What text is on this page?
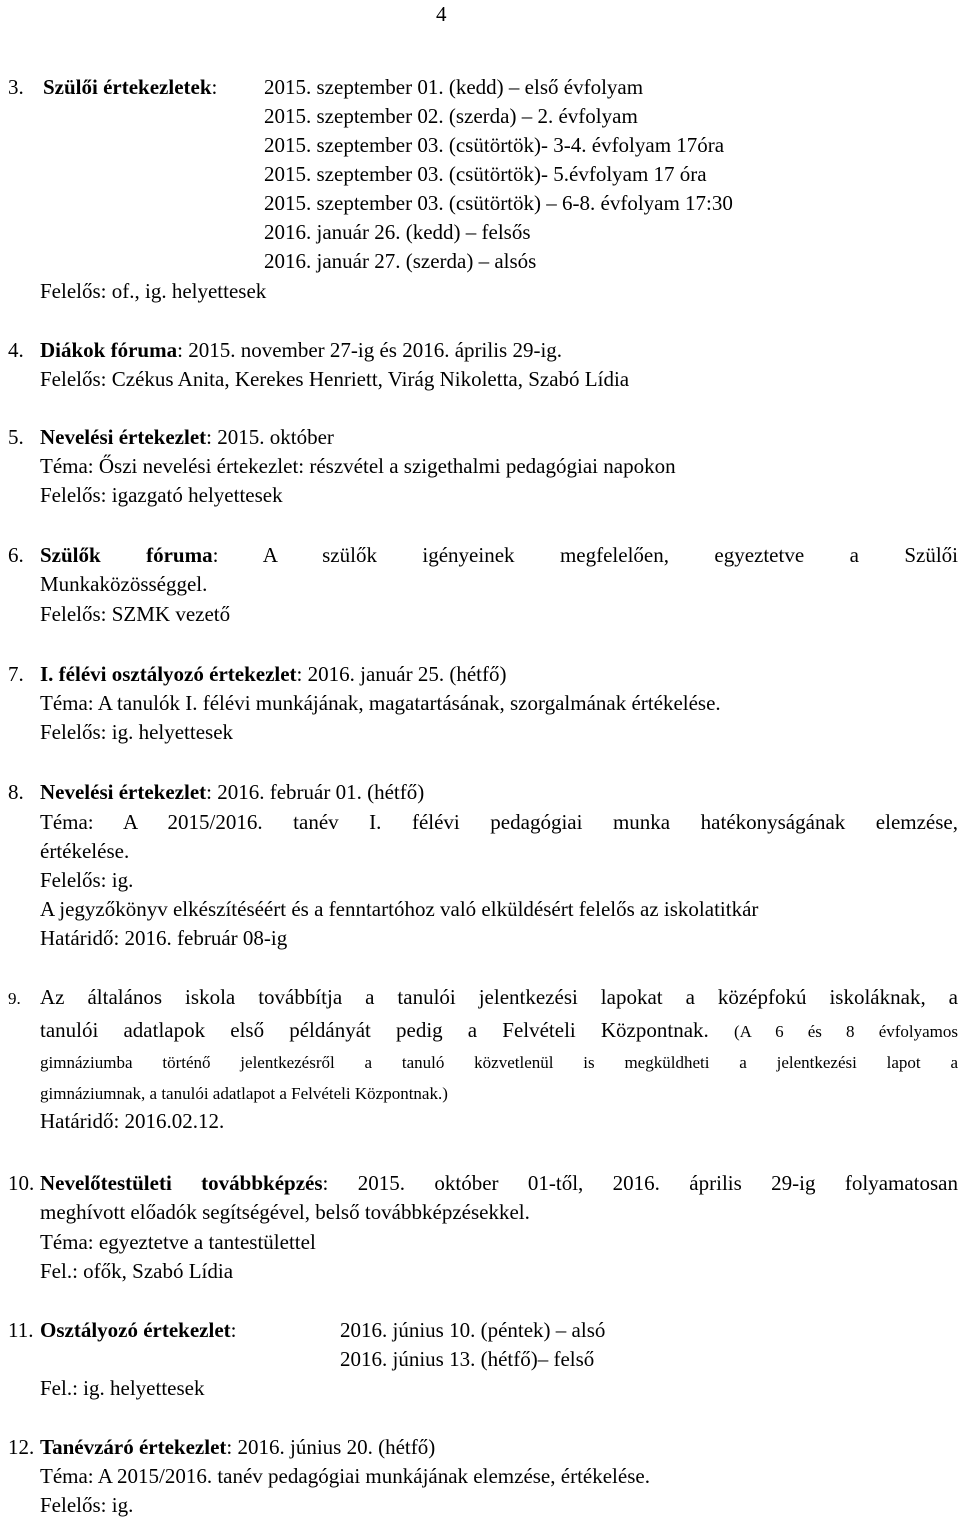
4
3. Szülői értekezletek: 2015. szeptember 01. (kedd) – első évfolyam
2015. szeptember 02. (szerda) – 2. évfolyam
2015. szeptember 03. (csütörtök)- 3-4. évfolyam 17óra
2015. szeptember 03. (csütörtök)- 5.évfolyam 17 óra
2015. szeptember 03. (csütörtök) – 6-8. évfolyam 17:30
2016. január 26. (kedd) – felsős
2016. január 27. (szerda) – alsós
Felelős: of., ig. helyettesek
4. Diákok fóruma: 2015. november 27-ig és 2016. április 29-ig.
Felelős: Czékus Anita, Kerekes Henriett, Virág Nikoletta, Szabó Lídia
5. Nevelési értekezlet: 2015. október
Téma: Őszi nevelési értekezlet: részvétel a szigethalmi pedagógiai napokon
Felelős: igazgató helyettesek
6. Szülők fóruma: A szülők igényeinek megfelelően, egyeztetve a Szülői
Munkaközösséggel.
Felelős: SZMK vezető
7. I. félévi osztályozó értekezlet: 2016. január 25. (hétfő)
Téma: A tanulók I. félévi munkájának, magatartásának, szorgalmának értékelése.
Felelős: ig. helyettesek
8. Nevelési értekezlet: 2016. február 01. (hétfő)
Téma: A 2015/2016. tanév I. félévi pedagógiai munka hatékonyságának elemzése,
értékelése.
Felelős: ig.
A jegyzőkönyv elkészítéséért és a fenntartóhoz való elküldésért felelős az iskolatitkár
Határidő: 2016. február 08-ig
9. Az általános iskola továbbítja a tanulói jelentkezési lapokat a középfokú iskoláknak, a
tanulói adatlapok első példányát pedig a Felvételi Központnak. (A 6 és 8 évfolyamos
gimnáziumba történő jelentkezésről a tanuló közvetlenül is megküldheti a jelentkezési lapot a
gimnáziumnak, a tanulói adatlapot a Felvételi Központnak.)
Határidő: 2016.02.12.
10. Nevelőtestületi továbbképzés: 2015. október 01-től, 2016. április 29-ig folyamatosan
meghívott előadók segítségével, belső továbbképzésekkel.
Téma: egyeztetve a tantestülettel
Fel.: ofők, Szabó Lídia
11. Osztályozó értekezlet:	2016. június 10. (péntek) – alsó
2016. június 13. (hétfő)– felső
Fel.: ig. helyettesek
12. Tanévzáró értekezlet: 2016. június 20. (hétfő)
Téma: A 2015/2016. tanév pedagógiai munkájának elemzése, értékelése.
Felelős: ig.
